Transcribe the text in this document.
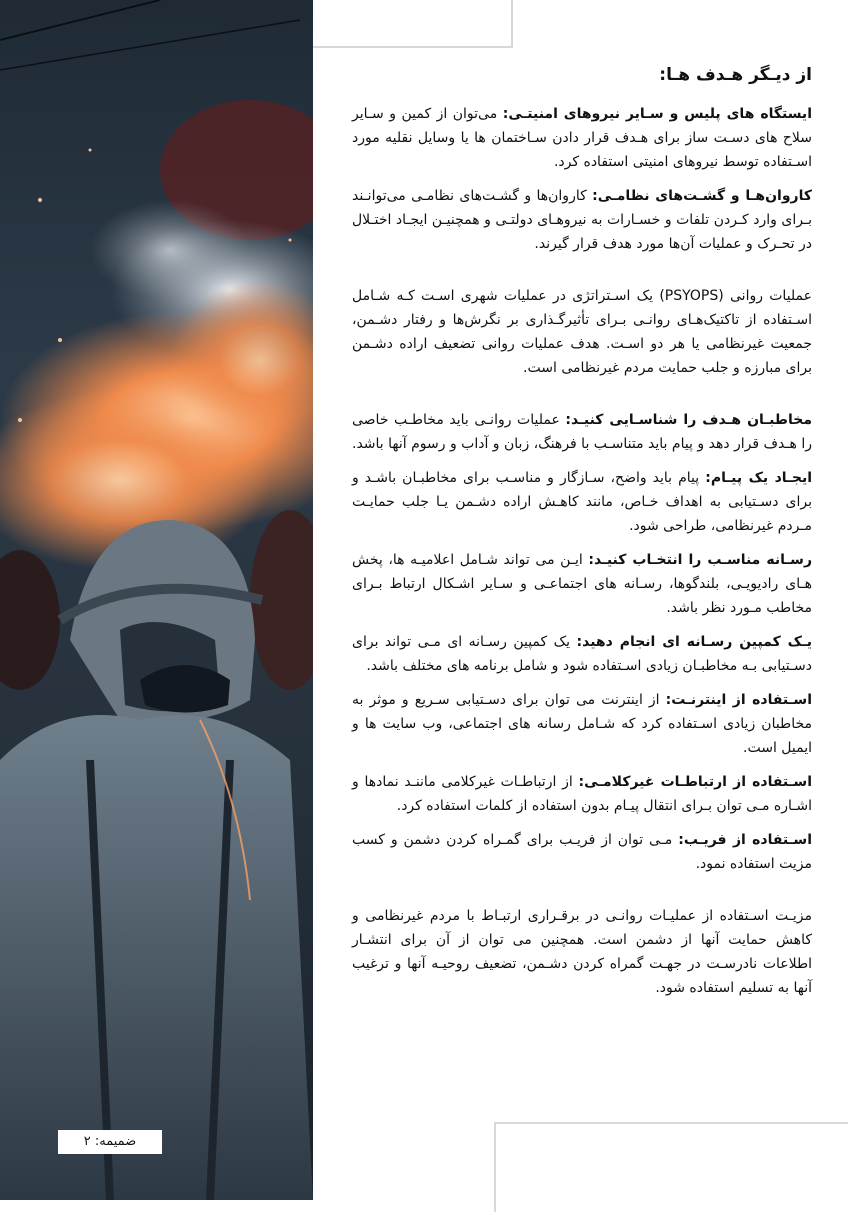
از دیـگر هـدف هـا:

ایستگاه های پلیس و سـایر نیروهای امنیتـی: می‌توان از کمین و سـایر سلاح های دسـت ساز برای هـدف قرار دادن سـاختمان ها یا وسایل نقلیه مورد اسـتفاده توسط نیروهای امنیتی استفاده کرد.

کاروان‌هـا و گشـت‌های نظامـی: کاروان‌ها و گشـت‌های نظامـی می‌توانـند بـرای وارد کـردن تلفات و خسـارات به نیروهـای دولتـی و همچنیـن ایجـاد اختـلال در تحـرک و عملیات آن‌ها مورد هدف قرار گیرند.

عملیات روانی (PSYOPS) یک اسـتراتژی در عملیات شهری اسـت کـه شـامل اسـتفاده از تاکتیک‌هـای روانـی بـرای تأثیرگـذاری بر نگرش‌ها و رفتار دشـمن، جمعیت غیرنظامی یا هر دو اسـت. هدف عملیات روانی تضعیف اراده دشـمن برای مبارزه و جلب حمایت مردم غیرنظامی است.

مخاطبـان هـدف را شناسـایی کنیـد: عملیات روانـی باید مخاطـب خاصی را هـدف قرار دهد و پیام باید متناسـب با فرهنگ، زبان و آداب و رسوم آنها باشد.

ایجـاد یک پیـام: پیام باید واضح، سـازگار و مناسـب برای مخاطبـان باشـد و برای دسـتیابی به اهداف خـاص، مانند کاهـش اراده دشـمن یـا جلب حمایـت مـردم غیرنظامی، طراحی شود.

رسـانه مناسـب را انتخـاب کنیـد: ایـن می تواند شـامل اعلامیـه ها، پخش هـای رادیویـی، بلندگوها، رسـانه های اجتماعـی و سـایر اشـکال ارتباط بـرای مخاطب مـورد نظر باشد.

یـک کمپین رسـانه ای انجام دهید: یک کمپین رسـانه ای مـی تواند برای دسـتیابی بـه مخاطبـان زیادی اسـتفاده شود و شامل برنامه های مختلف باشد.

اسـتفاده از اینترنـت: از اینترنت می توان برای دسـتیابی سـریع و موثر به مخاطبان زیادی اسـتفاده کرد که شـامل رسانه های اجتماعی، وب سایت ها و ایمیل است.

اسـتفاده از ارتباطـات غیرکلامـی: از ارتباطـات غیرکلامی ماننـد نمادها و اشـاره مـی توان بـرای انتقال پیـام بدون استفاده از کلمات استفاده کرد.

اسـتفاده از فریـب: مـی توان از فریـب برای گمـراه کردن دشمن و کسب مزیت استفاده نمود.

مزیـت اسـتفاده از عملیـات روانـی در برقـراری ارتبـاط با مردم غیرنظامی و کاهش حمایت آنها از دشمن است. همچنین می توان از آن برای انتشـار اطلاعات نادرسـت در جهـت گمراه کردن دشـمن، تضعیف روحیـه آنها و ترغیب آنها به تسلیم استفاده شود.

ضمیمه: ۲
